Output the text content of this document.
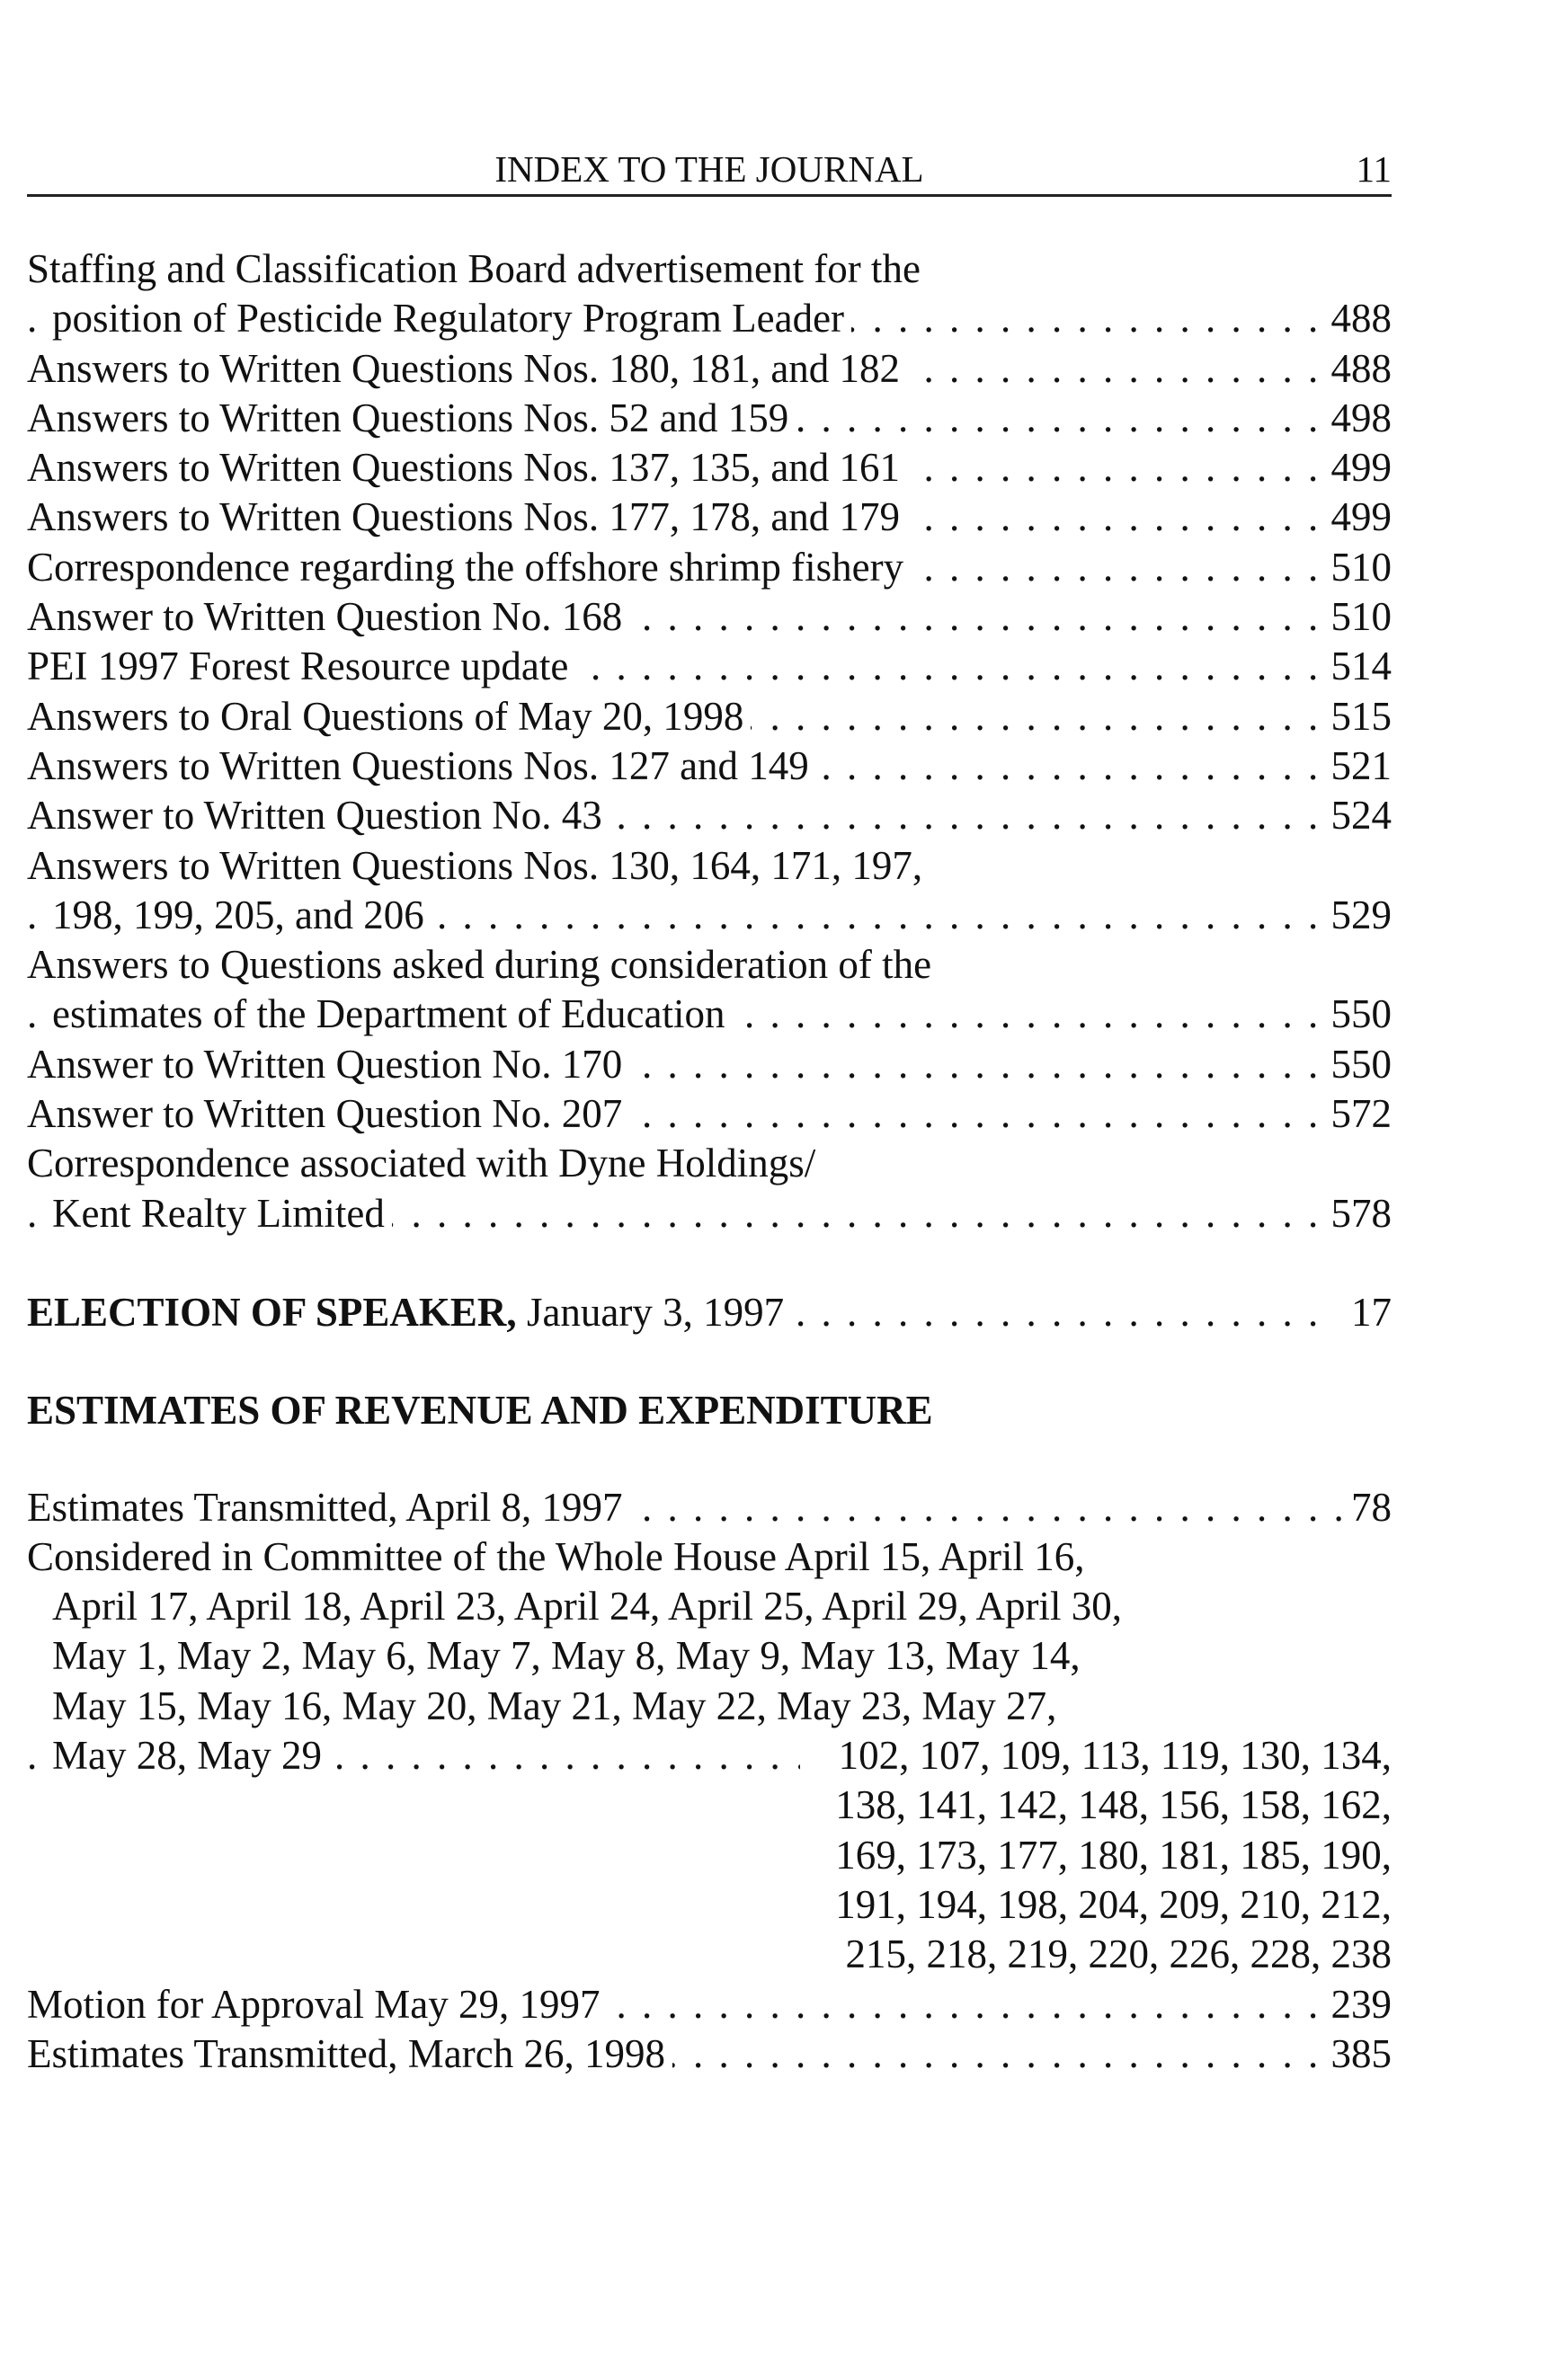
INDEX TO THE JOURNAL	11
Staffing and Classification Board advertisement for the
position of Pesticide Regulatory Program Leader	488
. . .
Answers to Written Questions Nos. 180, 181, and 182	488
. . .
Answers to Written Questions Nos. 52 and 159	498
. . .
Answers to Written Questions Nos. 137, 135, and 161	499
. . .
Answers to Written Questions Nos. 177, 178, and 179	499
. . .
Correspondence regarding the offshore shrimp fishery	510
. . .
Answer to Written Question No. 168	510
. . .
PEI 1997 Forest Resource update	514
. . .
Answers to Oral Questions of May 20, 1998	515
. . .
Answers to Written Questions Nos. 127 and 149	521
. . .
Answer to Written Question No. 43	524
. . .
Answers to Written Questions Nos. 130, 164, 171, 197,
198, 199, 205, and 206	529
. . .
Answers to Questions asked during consideration of the
estimates of the Department of Education	550
. . .
Answer to Written Question No. 170	550
. . .
Answer to Written Question No. 207	572
. . .
Correspondence associated with Dyne Holdings/
Kent Realty Limited	578
. . .
ELECTION OF SPEAKER, January 3, 1997	17
. . .
ESTIMATES OF REVENUE AND EXPENDITURE
Estimates Transmitted, April 8, 1997	78
. . .
Considered in Committee of the Whole House April 15, April 16,
April 17, April 18, April 23, April 24, April 25, April 29, April 30,
May 1, May 2, May 6, May 7, May 8, May 9, May 13, May 14,
May 15, May 16, May 20, May 21, May 22, May 23, May 27,
May 28, May 29	102, 107, 109, 113, 119, 130, 134,
. . .
138, 141, 142, 148, 156, 158, 162,
169, 173, 177, 180, 181, 185, 190,
191, 194, 198, 204, 209, 210, 212,
215, 218, 219, 220, 226, 228, 238
Motion for Approval May 29, 1997	239
. . .
Estimates Transmitted, March 26, 1998	385
. . .
